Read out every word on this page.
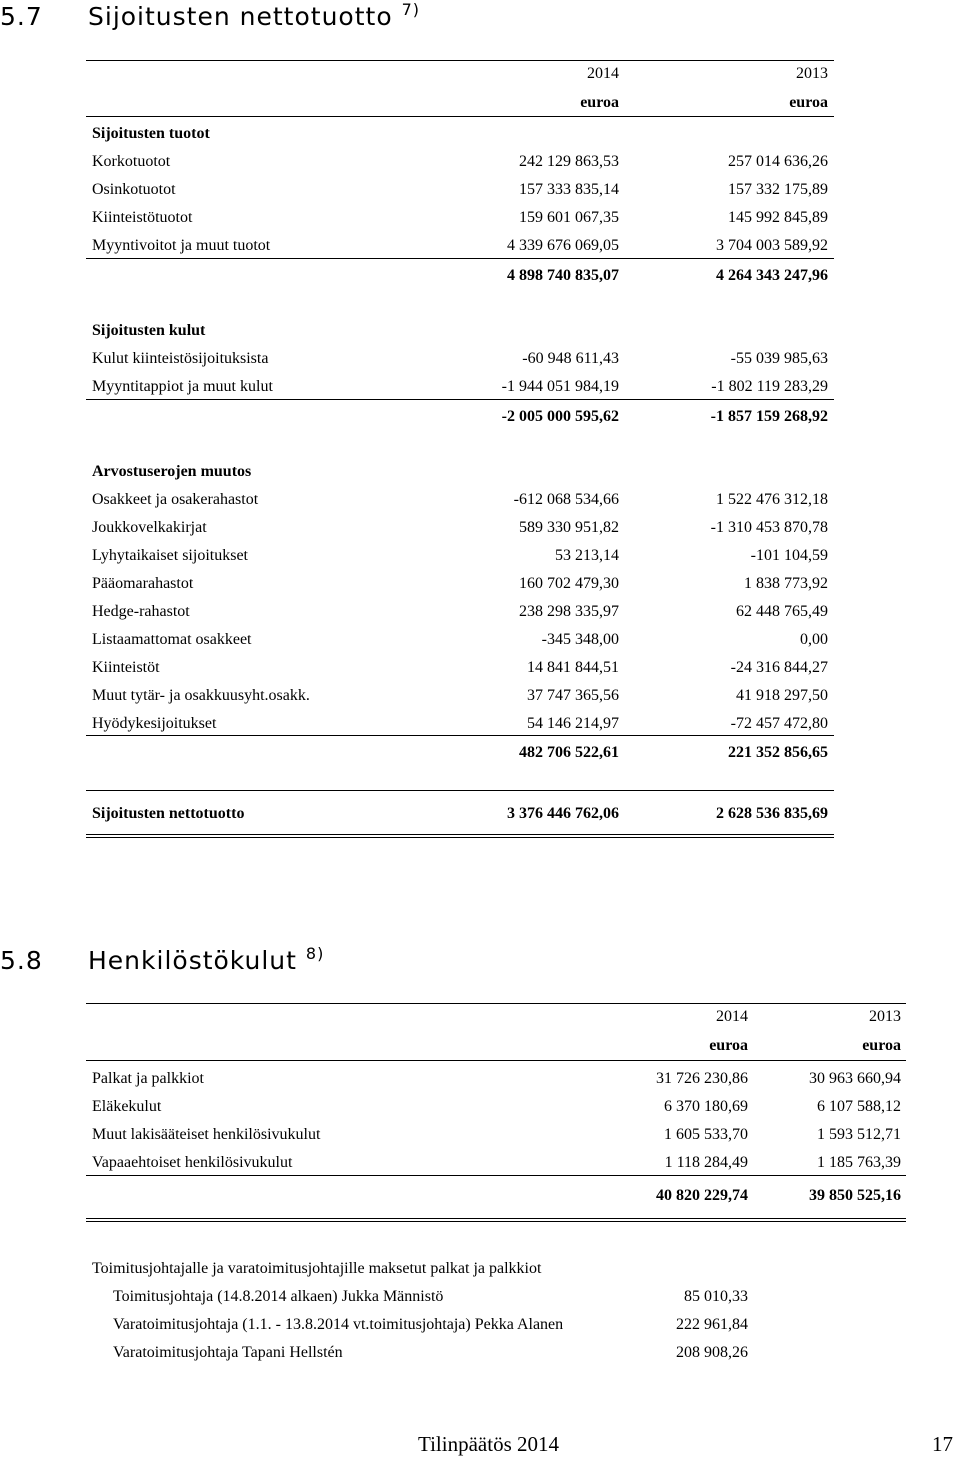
5.7 Sijoitusten nettotuotto $^{7)}$
2014	2013
euroa	euroa
Sijoitusten tuotot
Korkotuotot	242 129 863,53	257 014 636,26
Osinkotuotot	157 333 835,14	157 332 175,89
Kiinteistötuotot	159 601 067,35	145 992 845,89
Myyntivoitot ja muut tuotot	4 339 676 069,05	3 704 003 589,92
4 898 740 835,07	4 264 343 247,96
Sijoitusten kulut
Kulut kiinteistösijoituksista	-60 948 611,43	-55 039 985,63
Myyntitappiot ja muut kulut	-1 944 051 984,19	-1 802 119 283,29
-2 005 000 595,62	-1 857 159 268,92
Arvostuserojen muutos
Osakkeet ja osakerahastot	-612 068 534,66	1 522 476 312,18
Joukkovelkakirjat	589 330 951,82	-1 310 453 870,78
Lyhytaikaiset sijoitukset	53 213,14	-101 104,59
Pääomarahastot	160 702 479,30	1 838 773,92
Hedge-rahastot	238 298 335,97	62 448 765,49
Listaamattomat osakkeet	-345 348,00	0,00
Kiinteistöt	14 841 844,51	-24 316 844,27
Muut tytär- ja osakkuusyht.osakk.	37 747 365,56	41 918 297,50
Hyödykesijoitukset	54 146 214,97	-72 457 472,80
482 706 522,61	221 352 856,65
Sijoitusten nettotuotto	3 376 446 762,06	2 628 536 835,69
5.8 Henkilöstökulut $^{8)}$
2014	2013
euroa	euroa
Palkat ja palkkiot	31 726 230,86	30 963 660,94
Eläkekulut	6 370 180,69	6 107 588,12
Muut lakisääteiset henkilösivukulut	1 605 533,70	1 593 512,71
Vapaaehtoiset henkilösivukulut	1 118 284,49	1 185 763,39
40 820 229,74	39 850 525,16
Toimitusjohtajalle ja varatoimitusjohtajille maksetut palkat ja palkkiot
Toimitusjohtaja (14.8.2014 alkaen) Jukka Männistö	85 010,33
Varatoimitusjohtaja (1.1. - 13.8.2014 vt.toimitusjohtaja) Pekka Alanen	222 961,84
Varatoimitusjohtaja Tapani Hellstén	208 908,26
Tilinpäätös 2014	17
